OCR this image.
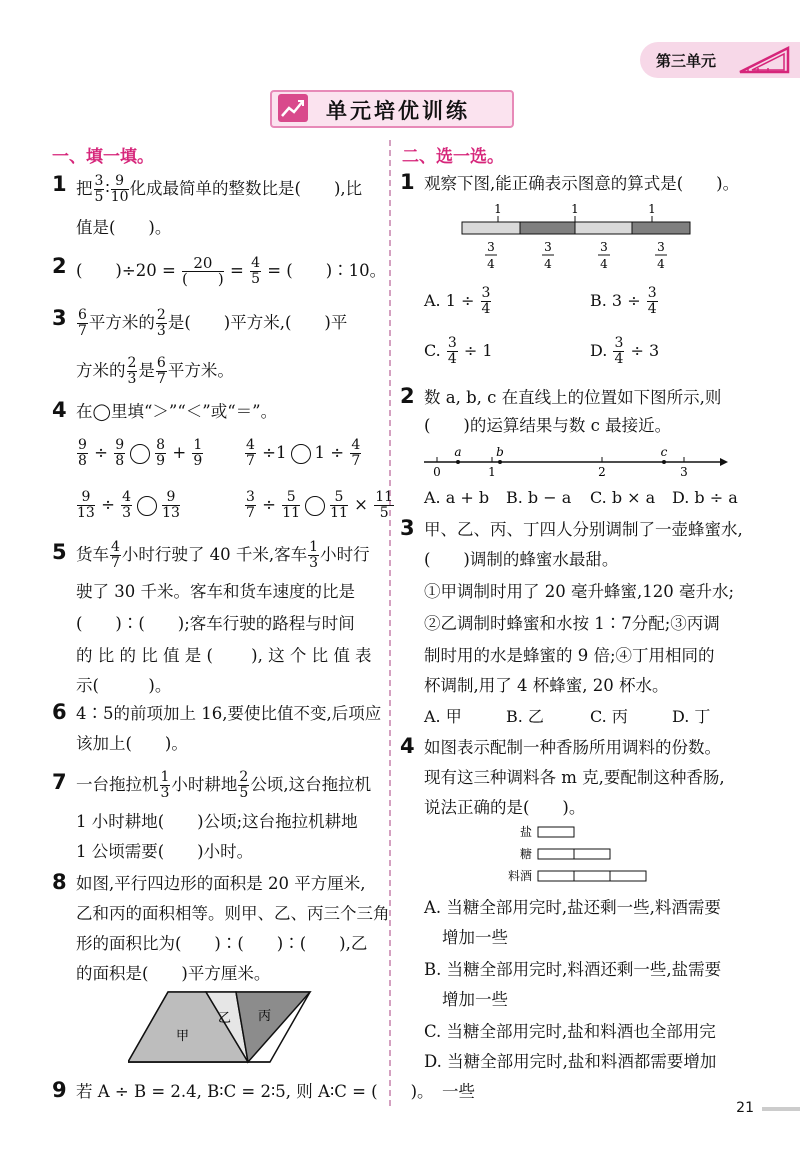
第三单元
单元培优训练
一、填一填。
1 把 $\frac{3}{5}$ ∶ $\frac{9}{10}$ 化成最简单的整数比是(　　),比
值是(　　)。
2 (　　)÷20 =	20
(　　) = $\frac{4}{5}$ = (　　)∶10。
$3 \frac{6}{7}$ 平方米的 $\frac{2}{3}$ 是(　　)平方米,(　　)平
方米的 $\frac{2}{3}$ 是 $\frac{6}{7}$ 平方米。
4 在◯里填“＞”“＜”或“＝”。
$\frac{9}{8} \div \frac{9}{8} \frac{8}{9} + \frac{1}{9}$	$\frac{4}{7} \div 1$ $1 \div \frac{4}{7}$
$\frac{9}{13} \div \frac{4}{3} \frac{9}{13}$	$\frac{3}{7} \div \frac{5}{11} \frac{5}{11} \times \frac{11}{5}$
5 货车 $\frac{4}{7}$ 小时行驶了 40 千米,客车 $\frac{1}{3}$ 小时行
驶了 30 千米。客车和货车速度的比是
(　　)∶(　　);客车行驶的路程与时间
的 比 的 比 值 是 (　　 ), 这 个 比 值 表
示(　　　)。
6 4∶5的前项加上 16,要使比值不变,后项应
该加上(　　)。
7 一台拖拉机 $\frac{1}{3}$ 小时耕地 $\frac{2}{5}$ 公顷,这台拖拉机
1 小时耕地(　　)公顷;这台拖拉机耕地
1 公顷需要(　　)小时。
8 如图,平行四边形的面积是 20 平方厘米,
乙和丙的面积相等。则甲、乙、丙三个三角
形的面积比为(　　)∶(　　)∶(　　),乙
的面积是(　　)平方厘米。
甲
乙 丙
9 若 A ÷ B = 2.4, B∶C = 2∶5, 则 A∶C = (　　)。
二、选一选。
1 观察下图,能正确表示图意的算式是(　　)。
1	1	1
3
4
3
4
3
4
3
4
A. $1 \div \frac{3}{4}$	B. $3 \div \frac{3}{4}$
C. $\frac{3}{4} \div 1$	D. $\frac{3}{4} \div 3$
2 数 a, b, c 在直线上的位置如下图所示,则
(　　)的运算结果与数 c 最接近。
0	1	2	3
a	b	c
A. a + b B. b − a C. b × a D. b ÷ a
3 甲、乙、丙、丁四人分别调制了一壶蜂蜜水,
(　　)调制的蜂蜜水最甜。
①甲调制时用了 20 毫升蜂蜜,120 毫升水;
②乙调制时蜂蜜和水按 1∶7分配;③丙调
制时用的水是蜂蜜的 9 倍;④丁用相同的
杯调制,用了 4 杯蜂蜜, 20 杯水。
A. 甲	B. 乙	C. 丙	D. 丁
4 如图表示配制一种香肠所用调料的份数。
现有这三种调料各 m 克,要配制这种香肠,
说法正确的是(　　)。
盐
糖
料酒
A. 当糖全部用完时,盐还剩一些,料酒需要
增加一些
B. 当糖全部用完时,料酒还剩一些,盐需要
增加一些
C. 当糖全部用完时,盐和料酒也全部用完
D. 当糖全部用完时,盐和料酒都需要增加
一些
21
